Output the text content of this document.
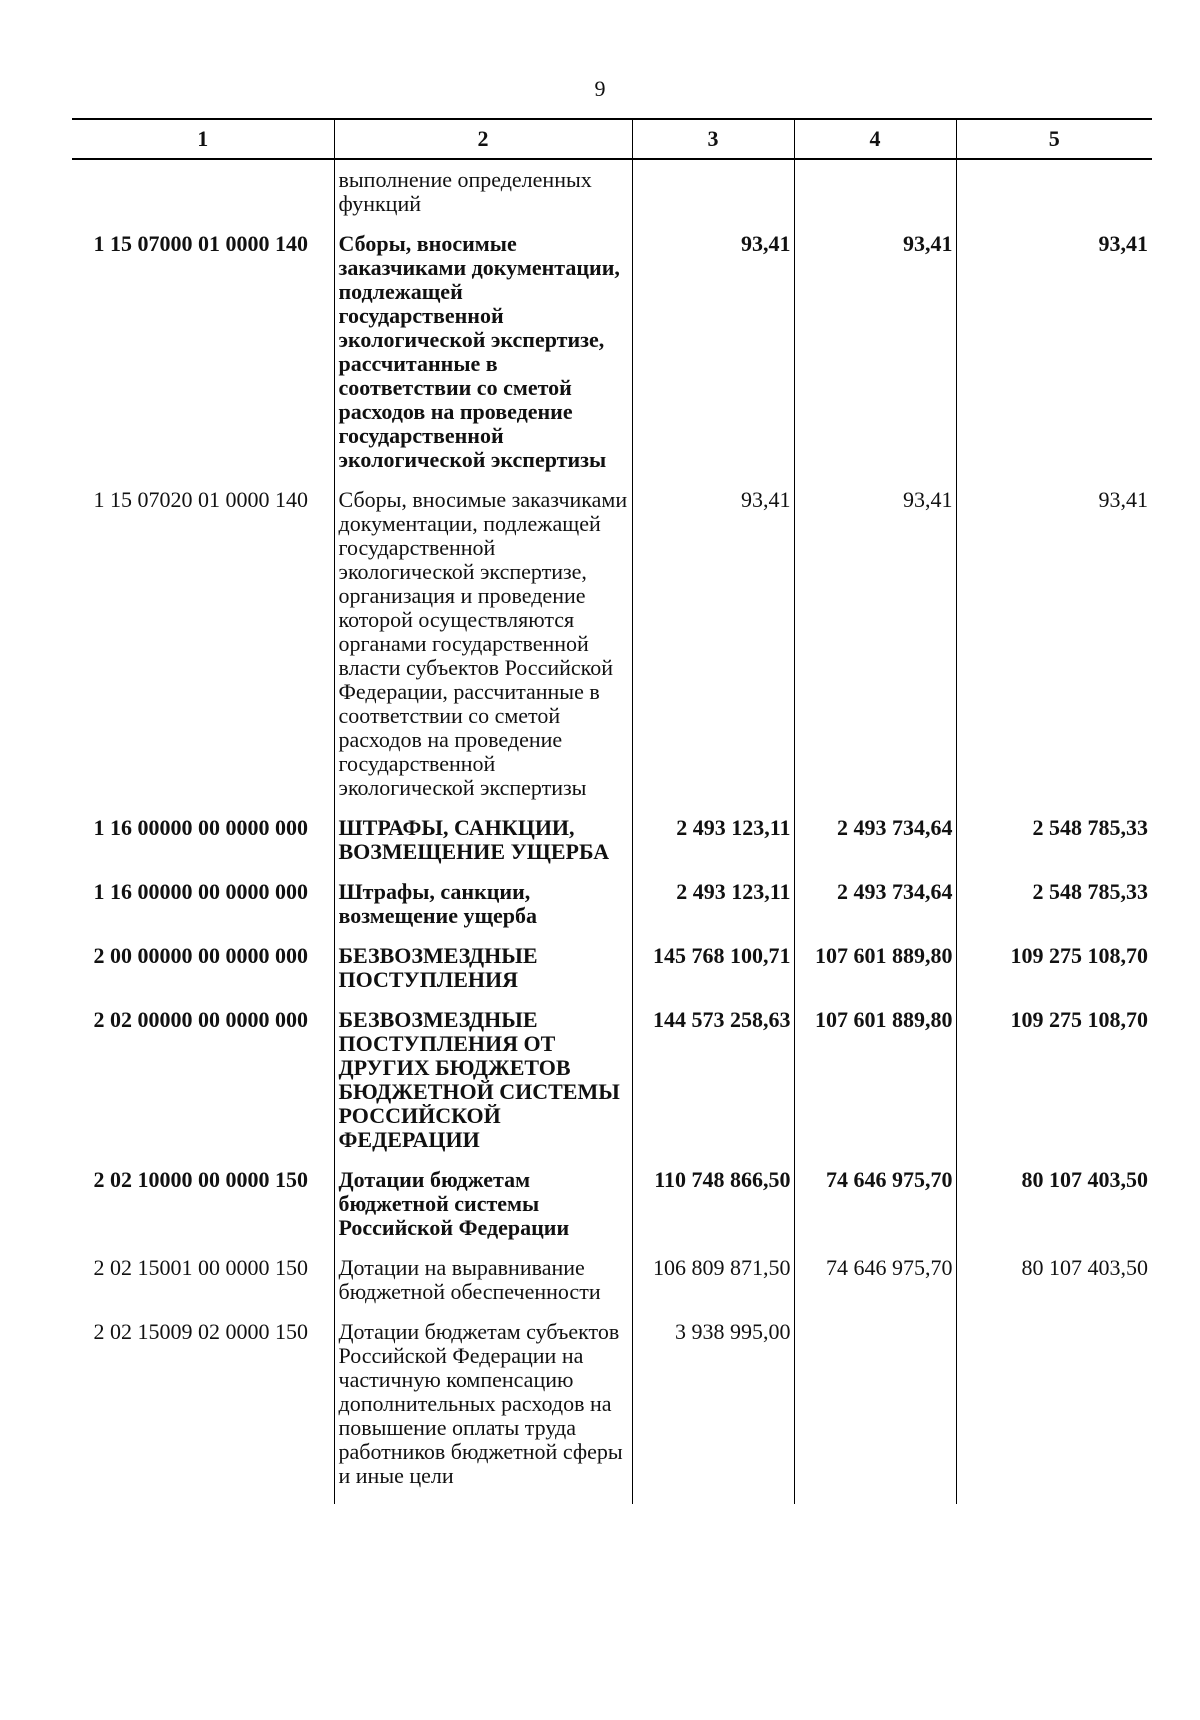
9
1	2	3	4	5
	выполнение определенных функций			
1 15 07000 01 0000 140	Сборы, вносимые заказчиками документации, подлежащей государственной экологической экспертизе, рассчитанные в соответствии со сметой расходов на проведение государственной экологической экспертизы	93,41	93,41	93,41
1 15 07020 01 0000 140	Сборы, вносимые заказчиками документации, подлежащей государственной экологической экспертизе, организация и проведение которой осуществляются органами государственной власти субъектов Российской Федерации, рассчитанные в соответствии со сметой расходов на проведение государственной экологической экспертизы	93,41	93,41	93,41
1 16 00000 00 0000 000	ШТРАФЫ, САНКЦИИ, ВОЗМЕЩЕНИЕ УЩЕРБА	2 493 123,11	2 493 734,64	2 548 785,33
1 16 00000 00 0000 000	Штрафы, санкции, возмещение ущерба	2 493 123,11	2 493 734,64	2 548 785,33
2 00 00000 00 0000 000	БЕЗВОЗМЕЗДНЫЕ ПОСТУПЛЕНИЯ	145 768 100,71	107 601 889,80	109 275 108,70
2 02 00000 00 0000 000	БЕЗВОЗМЕЗДНЫЕ ПОСТУПЛЕНИЯ ОТ ДРУГИХ БЮДЖЕТОВ БЮДЖЕТНОЙ СИСТЕМЫ РОССИЙСКОЙ ФЕДЕРАЦИИ	144 573 258,63	107 601 889,80	109 275 108,70
2 02 10000 00 0000 150	Дотации бюджетам бюджетной системы Российской Федерации	110 748 866,50	74 646 975,70	80 107 403,50
2 02 15001 00 0000 150	Дотации на выравнивание бюджетной обеспеченности	106 809 871,50	74 646 975,70	80 107 403,50
2 02 15009 02 0000 150	Дотации бюджетам субъектов Российской Федерации на частичную компенсацию дополнительных расходов на повышение оплаты труда работников бюджетной сферы и иные цели	3 938 995,00		
